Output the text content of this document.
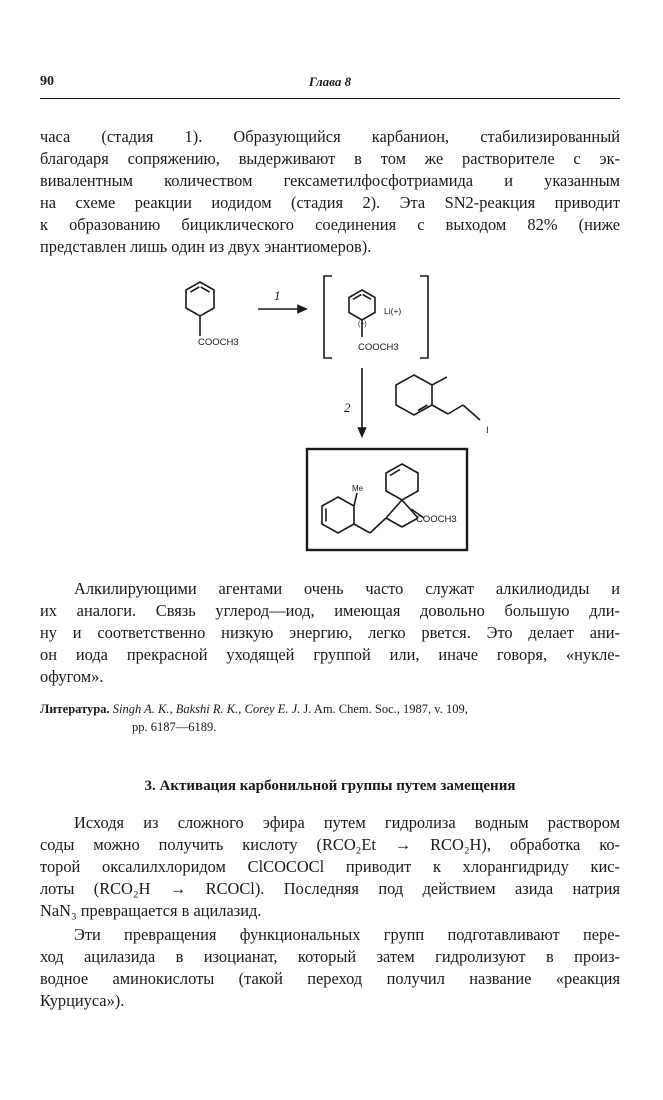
90	Глава 8
часа (стадия 1). Образующийся карбанион, стабилизированный
благодаря сопряжению, выдерживают в том же растворителе с эк-
вивалентным количеством гексаметилфосфотриамида и указанным
на схеме реакции иодидом (стадия 2). Эта SN2-реакция приводит
к образованию бициклического соединения с выходом 82% (ниже
представлен лишь один из двух энантиомеров).
COOCH3
1
Li(+)
(−)
COOCH3
2
I
Me
COOCH3
Алкилирующими агентами очень часто служат алкилиодиды и
их аналоги. Связь углерод—иод, имеющая довольно большую дли-
ну и соответственно низкую энергию, легко рвется. Это делает ани-
он иода прекрасной уходящей группой или, иначе говоря, «нукле-
офугом».
Литература. Singh A. K., Bakshi R. K., Corey E. J. J. Am. Chem. Soc., 1987, v. 109,
pp. 6187—6189.
3. Активация карбонильной группы путем замещения
Исходя из сложного эфира путем гидролиза водным раствором
соды можно получить кислоту (RCO₂Et → RCO₂H), обработка ко-
торой оксалилхлоридом ClCOCOCl приводит к хлорангидриду кис-
лоты (RCO₂H → RCOCl). Последняя под действием азида натрия
NaN₃ превращается в ацилазид.
Эти превращения функциональных групп подготавливают пере-
ход ацилазида в изоцианат, который затем гидролизуют в произ-
водное аминокислоты (такой переход получил название «реакция
Курциуса»).
